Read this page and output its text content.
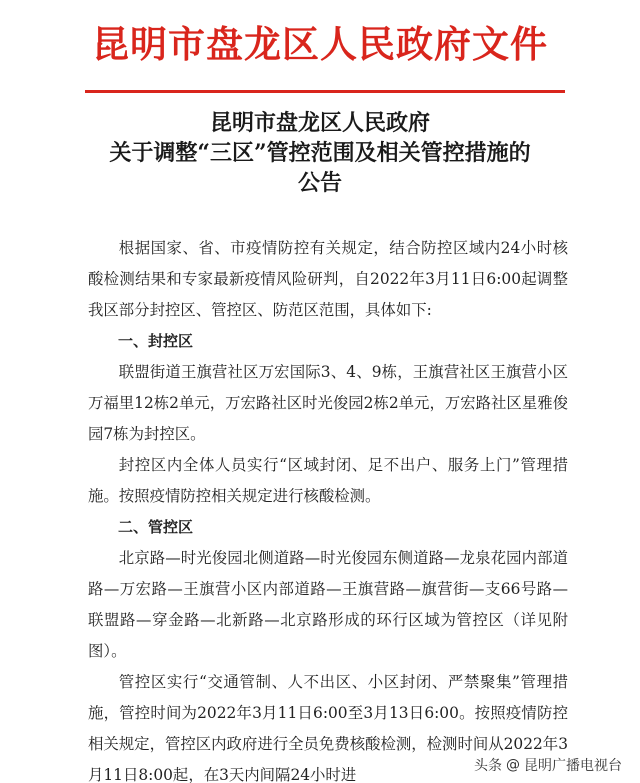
昆明市盘龙区人民政府文件
昆明市盘龙区人民政府
关于调整“三区”管控范围及相关管控措施的
公告

根据国家、省、市疫情防控有关规定，结合防控区域内24小时核酸检测结果和专家最新疫情风险研判，自2022年3月11日6:00起调整我区部分封控区、管控区、防范区范围，具体如下:

一、封控区

联盟街道王旗营社区万宏国际3、4、9栋，王旗营社区王旗营小区万福里12栋2单元，万宏路社区时光俊园2栋2单元，万宏路社区星雅俊园7栋为封控区。

封控区内全体人员实行“区域封闭、足不出户、服务上门”管理措施。按照疫情防控相关规定进行核酸检测。

二、管控区

北京路—时光俊园北侧道路—时光俊园东侧道路—龙泉花园内部道路—万宏路—王旗营小区内部道路—王旗营路—旗营街—支66号路—联盟路—穿金路—北新路—北京路形成的环行区域为管控区（详见附图）。

管控区实行“交通管制、人不出区、小区封闭、严禁聚集”管理措施，管控时间为2022年3月11日6:00至3月13日6:00。按照疫情防控相关规定，管控区内政府进行全员免费核酸检测，检测时间从2022年3月11日8:00起，在3天内间隔24小时进	头条 @ 昆明广播电视台
